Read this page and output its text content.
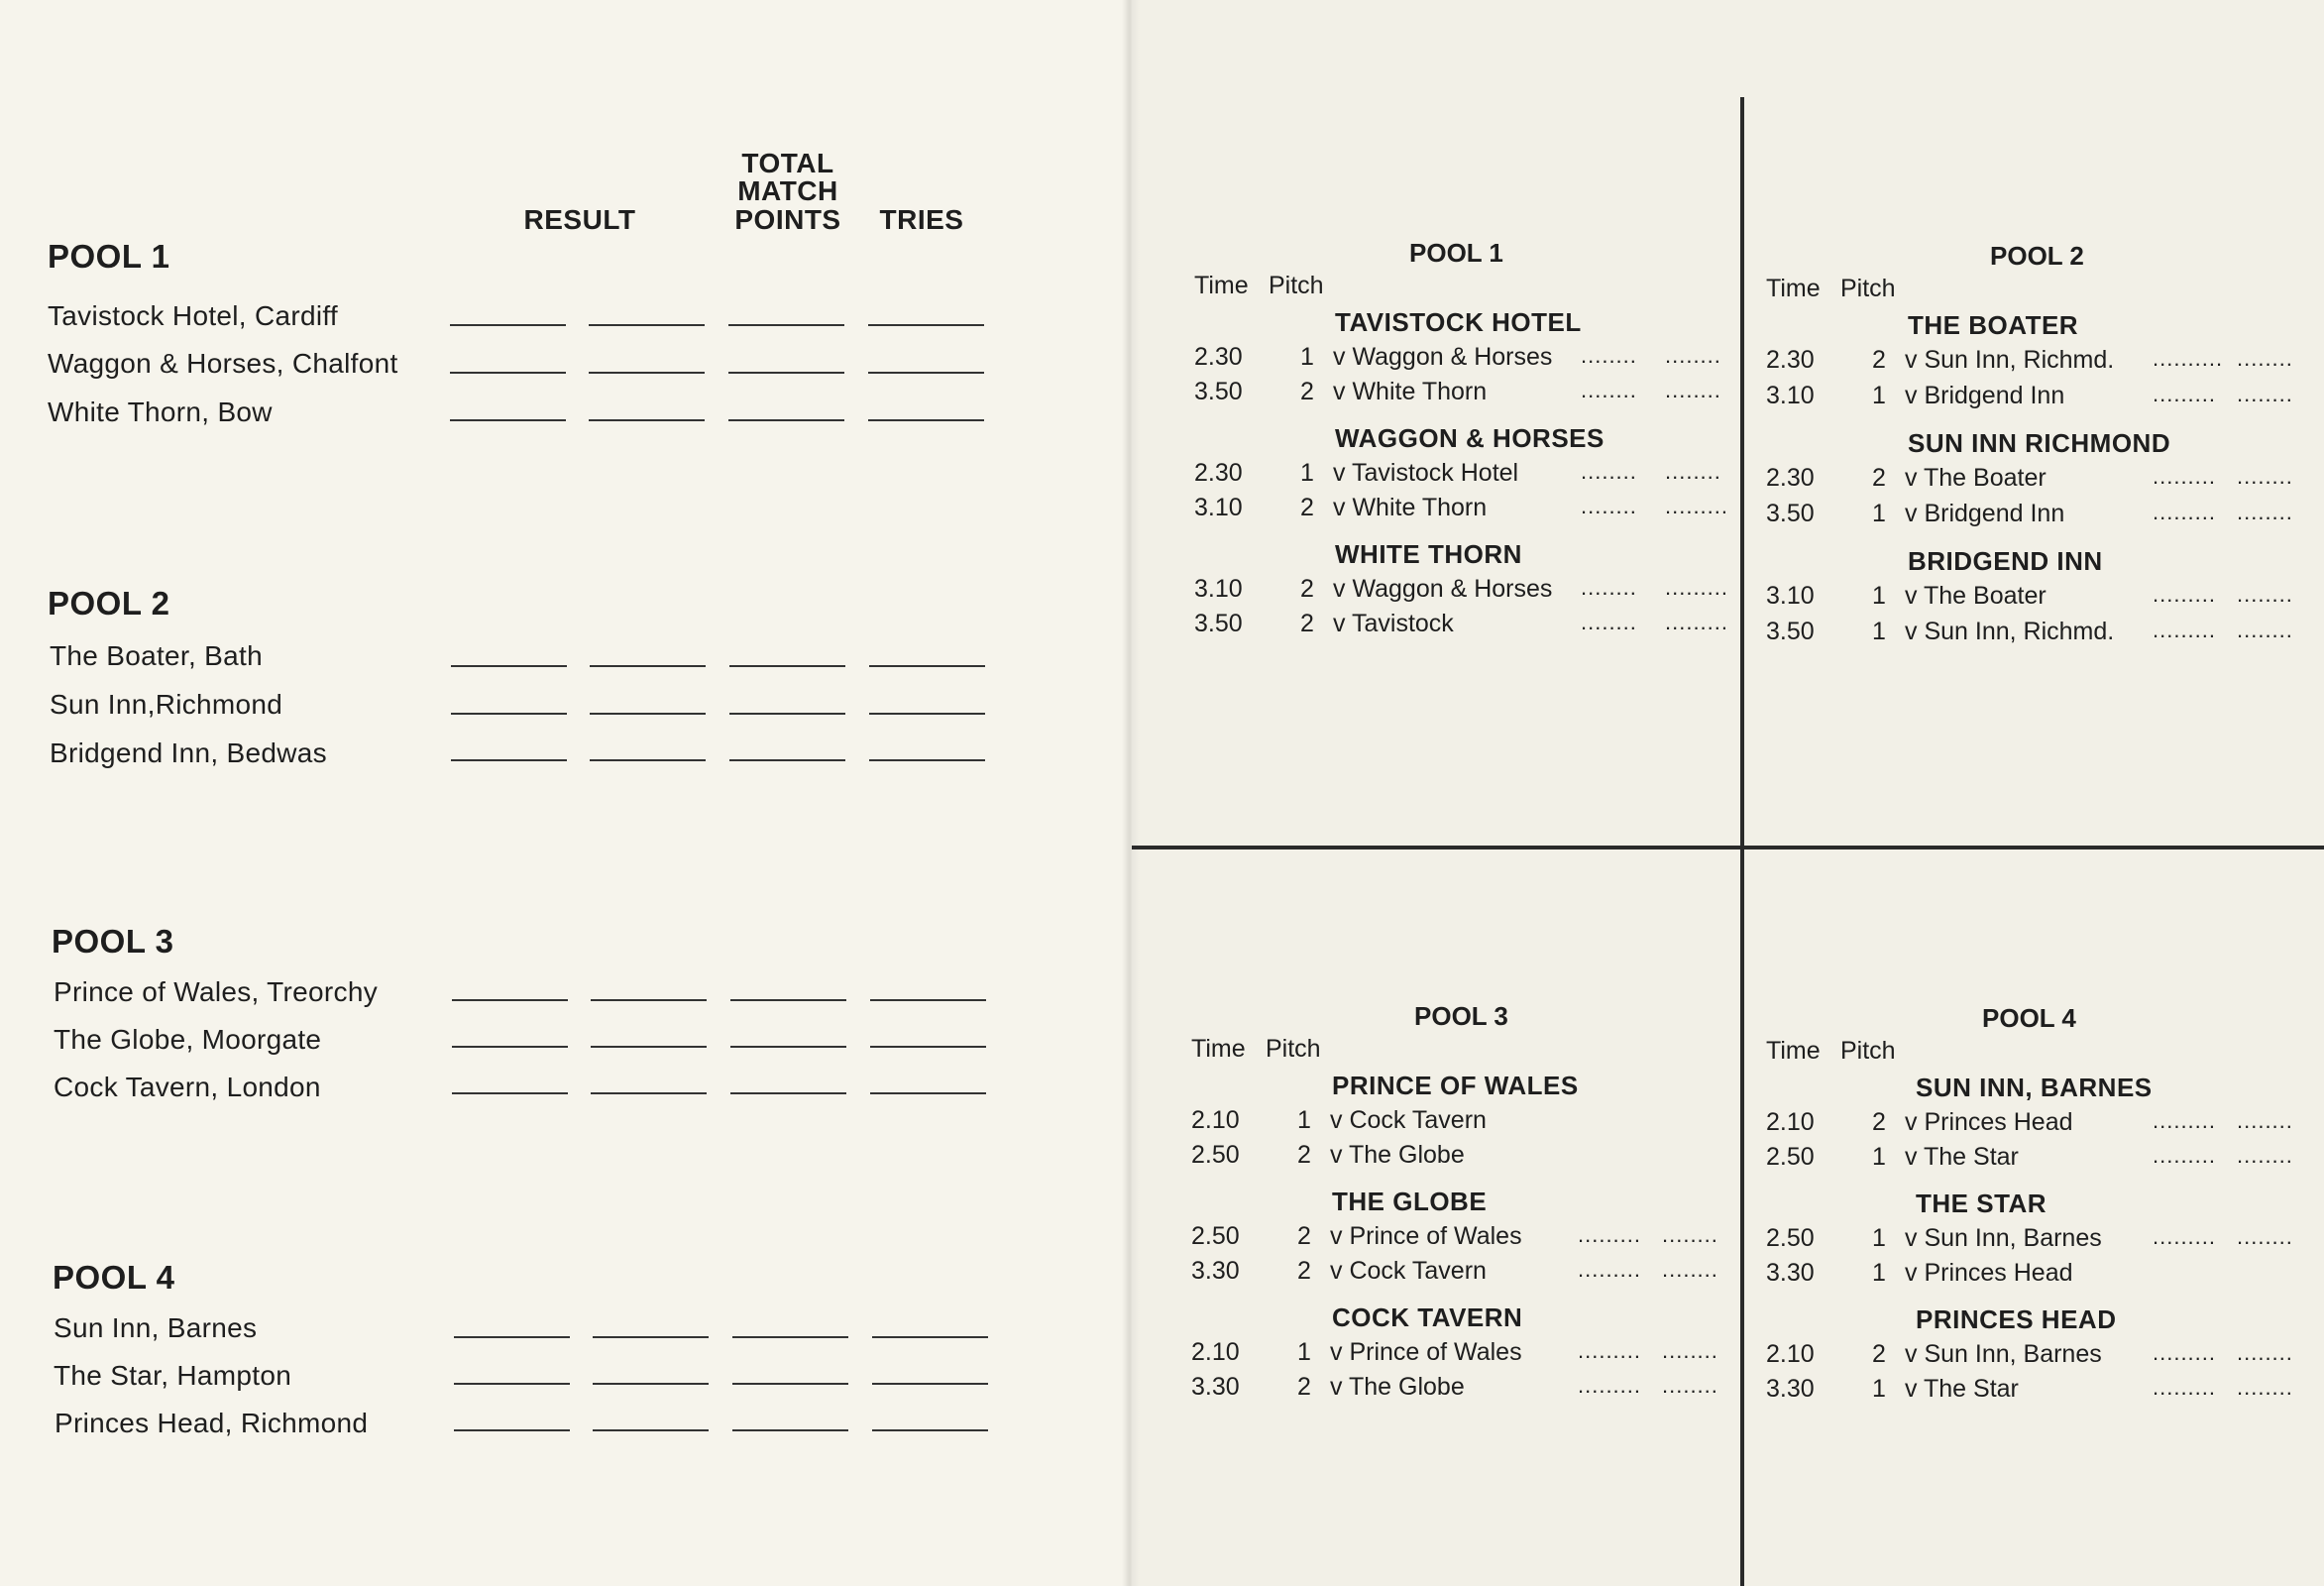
RESULT
TOTAL
MATCH
POINTS	TRIES
POOL 1
Tavistock Hotel, Cardiff
Waggon & Horses, Chalfont
White Thorn, Bow
POOL 2
The Boater, Bath
Sun Inn,Richmond
Bridgend Inn, Bedwas
POOL 3
Prince of Wales, Treorchy
The Globe, Moorgate
Cock Tavern, London
POOL 4
Sun Inn, Barnes
The Star, Hampton
Princes Head, Richmond
POOL 1
Time Pitch
TAVISTOCK HOTEL
2.30 1 v Waggon & Horses ........ ........
3.50 2 v White Thorn	........ ........
WAGGON & HORSES
2.30 1 v Tavistock Hotel	........ ........
3.10 2 v White Thorn	........ .........
WHITE THORN
3.10 2 v Waggon & Horses ........ .........
3.50 2 v Tavistock	........ .........
POOL 2
Time Pitch
THE BOATER
2.30 2 v Sun Inn, Richmd. .......... ........
3.10 1 v Bridgend Inn	......... ........
SUN INN RICHMOND
2.30 2 v The Boater	......... ........
3.50 1 v Bridgend Inn	......... ........
BRIDGEND INN
3.10 1 v The Boater	......... ........
3.50 1 v Sun Inn, Richmd. ......... ........
POOL 3
Time Pitch
PRINCE OF WALES
2.10 1 v Cock Tavern
2.50 2 v The Globe
THE GLOBE
2.50 2 v Prince of Wales	......... ........
3.30 2 v Cock Tavern	......... ........
COCK TAVERN
2.10 1 v Prince of Wales	......... ........
3.30 2 v The Globe	......... ........
POOL 4
Time Pitch
SUN INN, BARNES
2.10 2 v Princes Head	......... ........
2.50 1 v The Star	......... ........
THE STAR
2.50 1 v Sun Inn, Barnes ......... ........
3.30 1 v Princes Head
PRINCES HEAD
2.10 2 v Sun Inn, Barnes ......... ........
3.30 1 v The Star	......... ........
